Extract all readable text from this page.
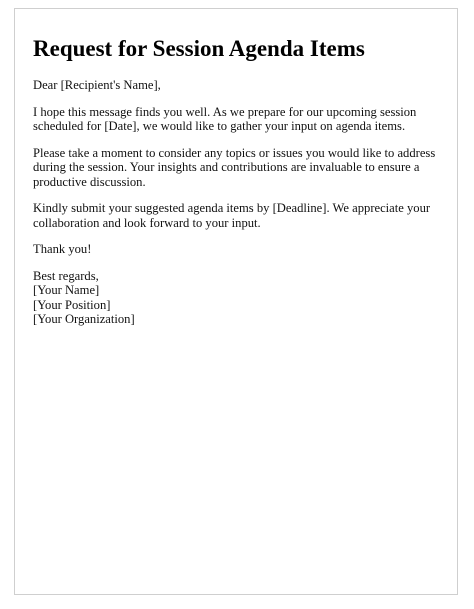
Request for Session Agenda Items

Dear [Recipient's Name],

I hope this message finds you well. As we prepare for our upcoming session scheduled for [Date], we would like to gather your input on agenda items.

Please take a moment to consider any topics or issues you would like to address during the session. Your insights and contributions are invaluable to ensure a productive discussion.

Kindly submit your suggested agenda items by [Deadline]. We appreciate your collaboration and look forward to your input.

Thank you!

Best regards,
[Your Name]
[Your Position]
[Your Organization]
